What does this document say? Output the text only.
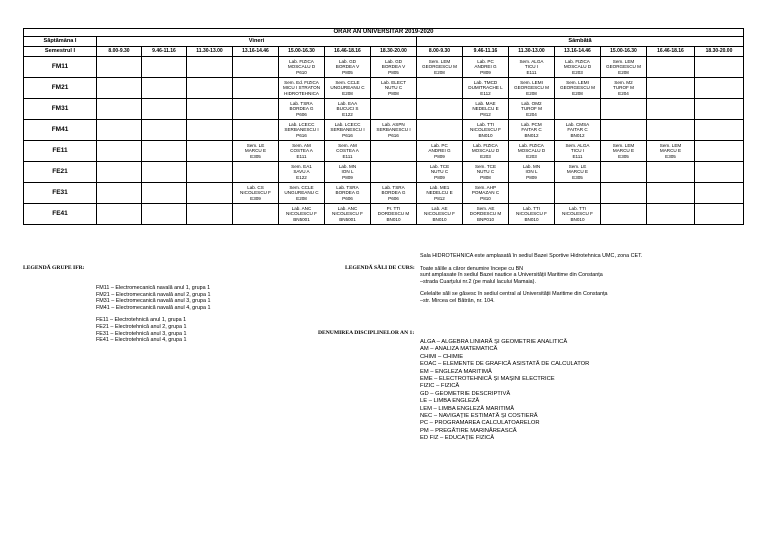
ORAR AN UNIVERSITAR 2019-2020														
Săptămâna I	Vineri							Sâmbătă						
Semestrul I	8.00-9.30	9.46-11.16	11.30-13.00	13.16-14.46	15.00-16.30	16.46-18.16	18.30-20.00	8.00-9.30	9.46-11.16	11.30-13.00	13.16-14.46	15.00-16.30	16.46-18.16	18.30-20.00
FM11					Lab. FIZICA
MOSCALU D
P610	Lab. GD
BORDEA V
P805	Lab. GD
BORDEA V
P805	Sem. LEM
GEORGESCU M
E208	Lab. PC
ANDREI G
P809	Sem. ALGA
TICU I
E111	Lab. FIZICA
MOSCALU D
E203	Sem. LEM
GEORGESCU M
E208		

FM21					Sem. Ed. FIZICA
MICU I STRATON
HIDROTEHNICA	Sem. CCLE
UNGUREANU C
E208	Lab. ELECT
NUTU C
P808		Lab. TMCD
DUMITRACHE L
E112	Sem. LEMI
GEORGESCU M
E208	Sem. LEMI
GEORGESCU M
E208	Sem. M2
TUROF M
E204		

FM31					Lab. TSRA
BORDEA G
P606	Lab. EAA
BUCUCI S
E122			Lab. MAE
NEDELCU E
P812	Lab. OM2
TUROF M
E204				

FM41					Lab. LCECC
SERBANESCU I
P616	Lab. LCECC
SERBANESCU I
P616	Lab. ASPN
SERBANESCU I
P616		Lab. TTI
NICOLESCU F
BN010	Lab. PCM
FAITAR C
BN012	Lab. CMSA
FAITAR C
BN012			

FE11				Sem. LE
MARCU E
E305	Sem. AM
COSTEA A
E111	Sem. AM
COSTEA A
E111		Lab. PC
ANDREI G
P809	Lab. FIZICA
MOSCALU D
E203	Lab. FIZICA
MOSCALU D
E203	Sem. ALGA
TICU I
E111	Sem. LEM
MARCU E
E305	Sem. LEM
MARCU E
E305	

FE21					Sem. EA1
SAVU A
E122	Lab. MN
ION L
P809		Lab. TCE
NUTU C
P809	Sem. TCE
NUTU C
P808	Lab. MN
ION L
P809	Sem. LE
MARCU E
E305			

FE31				Lab. CS
NICOLESCU F
E309	Sem. CCLE
UNGUREANU C
E208	Lab. TSRA
BORDEA G
P606	Lab. TSRA
BORDEA G
P606	Lab. ME1
NEDELCU E
P812	Sem. AHP
POMAZAN C
P810					

FE41					Lab. ANC
NICOLESCU F
BN5001	Lab. ANC
NICOLESCU F
BN5001	Pr. TTI
DORDESCU M
BN010	Lab. AE
NICOLESCU F
BN010	Sem. AE
DORDESCU M
BNP010	Lab. TTI
NICOLESCU F
BN010	Lab. TTI
NICOLESCU F
BN010			

LEGENDĂ GRUPE IFR:

FM11 – Electromecanică navală anul 1, grupa 1

FM21 – Electromecanică navală anul 2, grupa 1

FM31 – Electromecanică navală anul 3, grupa 1

FM41 – Electromecanică navală anul 4, grupa 1

FE11 – Electrotehnică anul 1, grupa 1

FE21 – Electrotehnică anul 2, grupa 1

FE31 – Electrotehnică anul 3, grupa 1

FE41 – Electrotehnică anul 4, grupa 1

LEGENDĂ SĂLI DE CURS:

Sala HIDROTEHNICA este amplasată în sediul Bazei Sportive Hidrotehnica UMC, zona CET.

Toate sălile a căror denumire începe cu BN

sunt amplasate în sediul Bazei nautice a Universității Maritime din Constanța

–strada Cuarțului nr.2 (pe malul lacului Mamaia).

Celelalte săli se găsesc în sediul central al Universității Maritime din Constanța

–str. Mircea cel Bătrân, nr. 104.

DENUMIREA DISCIPLINELOR AN 1:

ALGA – ALGEBRA LINIARĂ ȘI GEOMETRIE ANALITICĂ

AM – ANALIZA MATEMATICĂ

CHIMI – CHIMIE

EOAC – ELEMENTE DE GRAFICĂ ASISTATĂ DE CALCULATOR

EM – ENGLEZA MARITIMĂ

EME – ELECTROTEHNICĂ ȘI MAȘINI ELECTRICE

FIZIC – FIZICĂ

GD – GEOMETRIE DESCRIPTIVĂ

LE – LIMBA ENGLEZĂ

LEM – LIMBA ENGLEZĂ MARITIMĂ

NEC – NAVIGAȚIE ESTIMATĂ ȘI COSTIERĂ

PC – PROGRAMAREA CALCULATOARELOR

PM – PREGĂTIRE MARINĂREASCĂ

ED FIZ – EDUCAȚIE FIZICĂ
